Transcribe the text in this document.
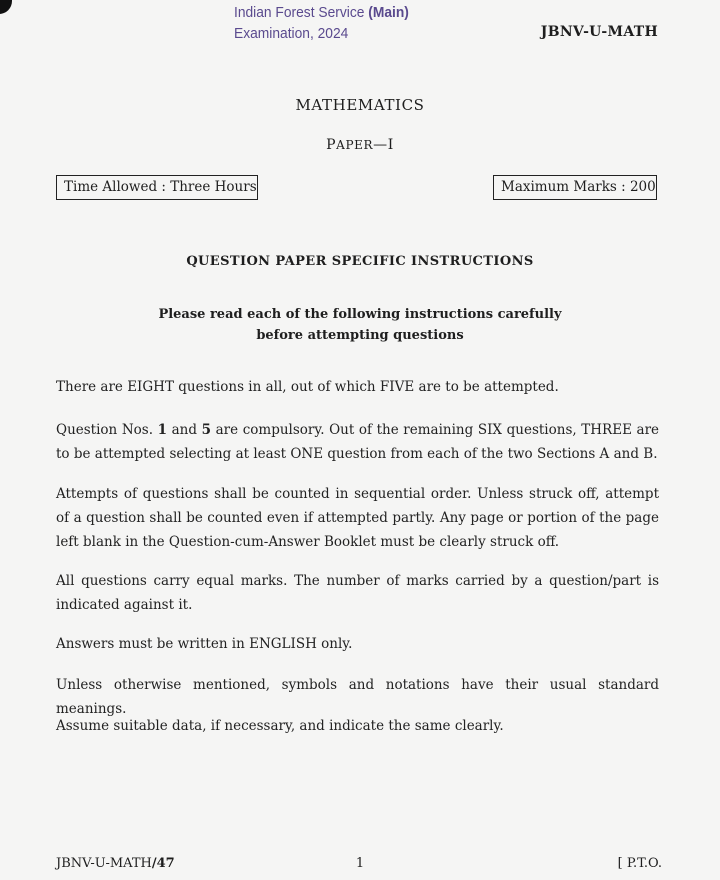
Indian Forest Service (Main)
Examination, 2024	JBNV-U-MATH
MATHEMATICS
PAPER—I
Time Allowed : Three Hours	Maximum Marks : 200
QUESTION PAPER SPECIFIC INSTRUCTIONS
Please read each of the following instructions carefully
before attempting questions
There are EIGHT questions in all, out of which FIVE are to be attempted.
Question Nos. 1 and 5 are compulsory. Out of the remaining SIX questions, THREE are to be attempted selecting at least ONE question from each of the two Sections A and B.
Attempts of questions shall be counted in sequential order. Unless struck off, attempt of a question shall be counted even if attempted partly. Any page or portion of the page left blank in the Question-cum-Answer Booklet must be clearly struck off.
All questions carry equal marks. The number of marks carried by a question/part is indicated against it.
Answers must be written in ENGLISH only.
Unless otherwise mentioned, symbols and notations have their usual standard meanings.
Assume suitable data, if necessary, and indicate the same clearly.
JBNV-U-MATH/47	1	[ P.T.O.
